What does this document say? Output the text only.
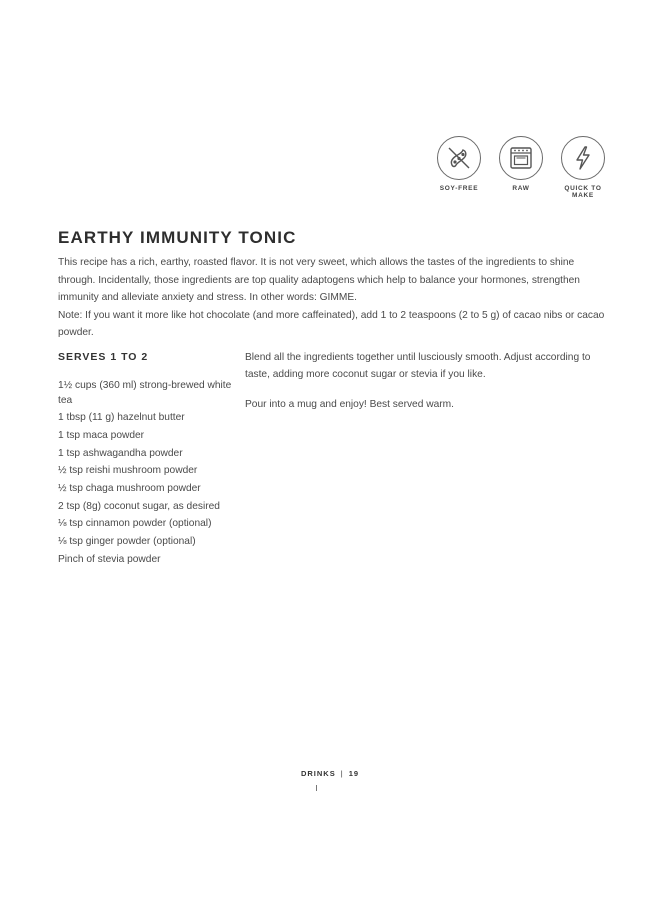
SOY-FREE	RAW	QUICK TO MAKE
EARTHY IMMUNITY TONIC

This recipe has a rich, earthy, roasted flavor. It is not very sweet, which allows the tastes of the ingredients to shine through. Incidentally, those ingredients are top quality adaptogens which help to balance your hormones, strengthen immunity and alleviate anxiety and stress. In other words: GIMME.

Note: If you want it more like hot chocolate (and more caffeinated), add 1 to 2 teaspoons (2 to 5 g) of cacao nibs or cacao powder.

SERVES 1 TO 2
1½ cups (360 ml) strong-brewed white tea
1 tbsp (11 g) hazelnut butter
1 tsp maca powder
1 tsp ashwagandha powder
½ tsp reishi mushroom powder
½ tsp chaga mushroom powder
2 tsp (8g) coconut sugar, as desired
⅛ tsp cinnamon powder (optional)
⅛ tsp ginger powder (optional)
Pinch of stevia powder

Blend all the ingredients together until lusciously smooth. Adjust according to taste, adding more coconut sugar or stevia if you like.

Pour into a mug and enjoy! Best served warm.

DRINKS | 19
